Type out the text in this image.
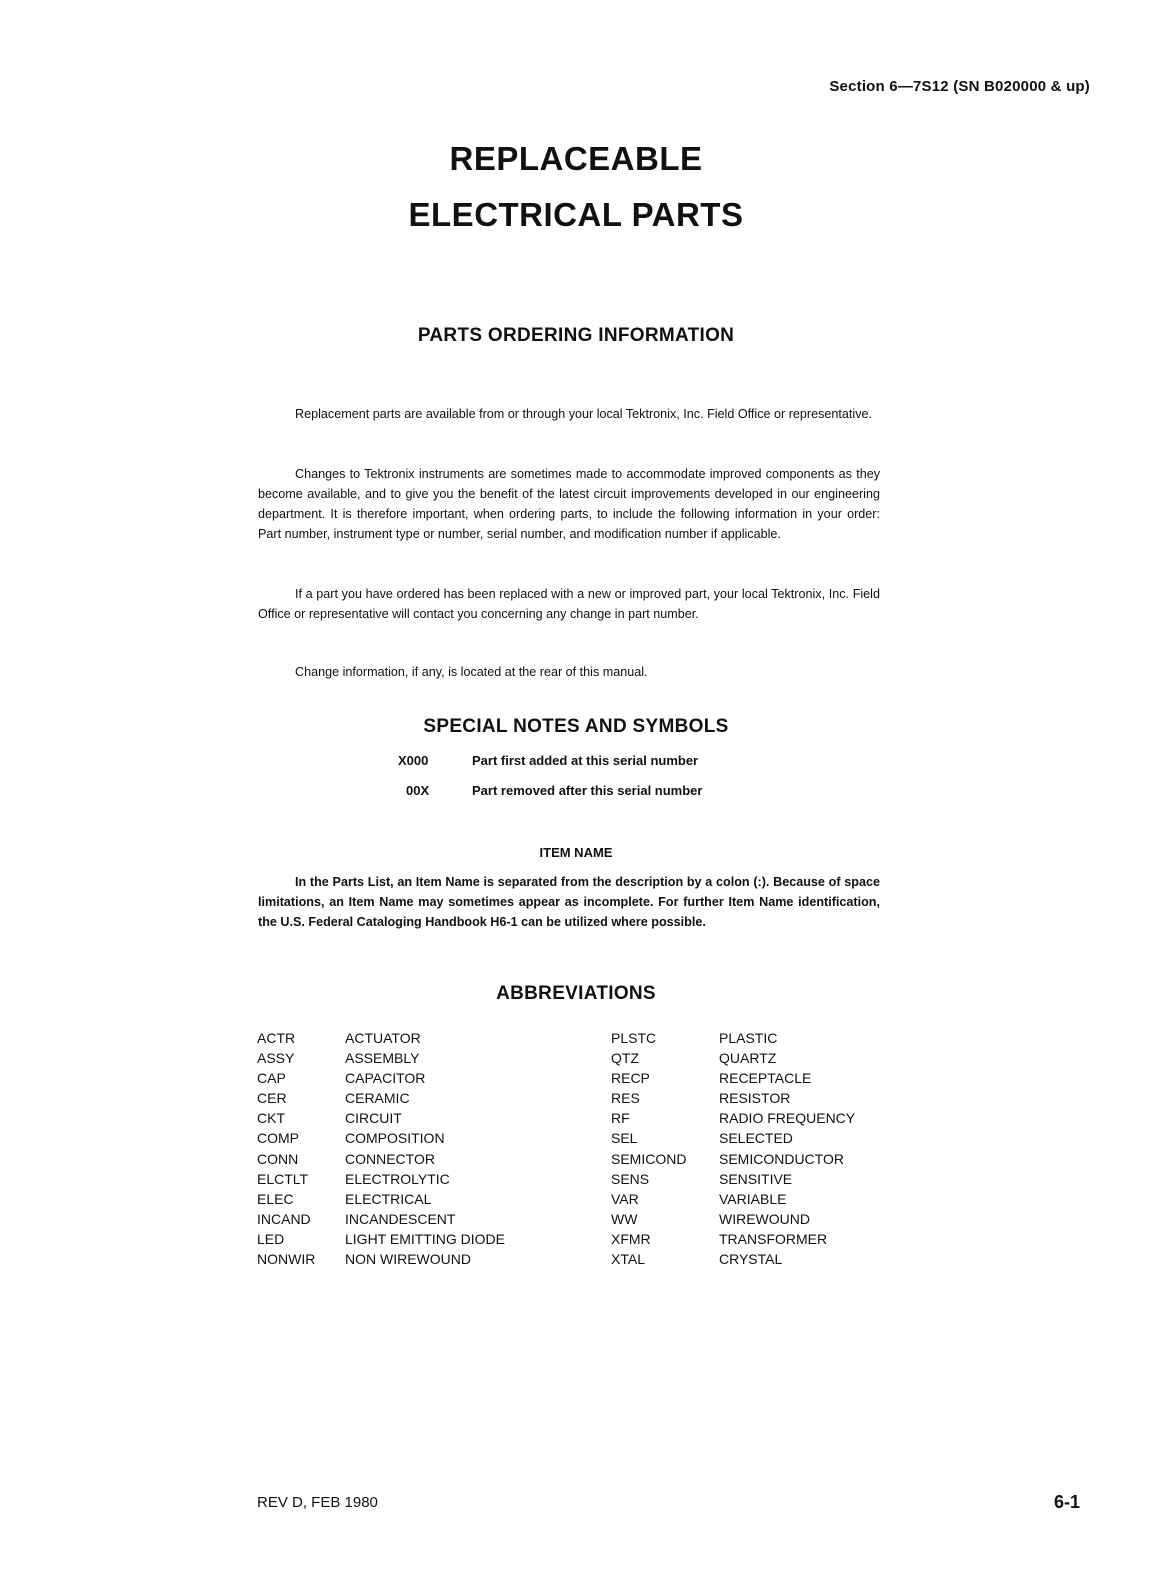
Section 6—7S12 (SN B020000 & up)
REPLACEABLE
ELECTRICAL PARTS
PARTS ORDERING INFORMATION
Replacement parts are available from or through your local Tektronix, Inc. Field Office or representative.
Changes to Tektronix instruments are sometimes made to accommodate improved components as they become available, and to give you the benefit of the latest circuit improvements developed in our engineering department. It is therefore important, when ordering parts, to include the following information in your order: Part number, instrument type or number, serial number, and modification number if applicable.
If a part you have ordered has been replaced with a new or improved part, your local Tektronix, Inc. Field Office or representative will contact you concerning any change in part number.
Change information, if any, is located at the rear of this manual.
SPECIAL NOTES AND SYMBOLS
X000	Part first added at this serial number
00X	Part removed after this serial number
ITEM NAME
In the Parts List, an Item Name is separated from the description by a colon (:). Because of space limitations, an Item Name may sometimes appear as incomplete. For further Item Name identification, the U.S. Federal Cataloging Handbook H6-1 can be utilized where possible.
ABBREVIATIONS
ACTR	ACTUATOR
ASSY	ASSEMBLY
CAP	CAPACITOR
CER	CERAMIC
CKT	CIRCUIT
COMP	COMPOSITION
CONN	CONNECTOR
ELCTLT	ELECTROLYTIC
ELEC	ELECTRICAL
INCAND	INCANDESCENT
LED	LIGHT EMITTING DIODE
NONWIR	NON WIREWOUND
PLSTC	PLASTIC
QTZ	QUARTZ
RECP	RECEPTACLE
RES	RESISTOR
RF	RADIO FREQUENCY
SEL	SELECTED
SEMICOND	SEMICONDUCTOR
SENS	SENSITIVE
VAR	VARIABLE
WW	WIREWOUND
XFMR	TRANSFORMER
XTAL	CRYSTAL
REV D, FEB 1980	6-1
